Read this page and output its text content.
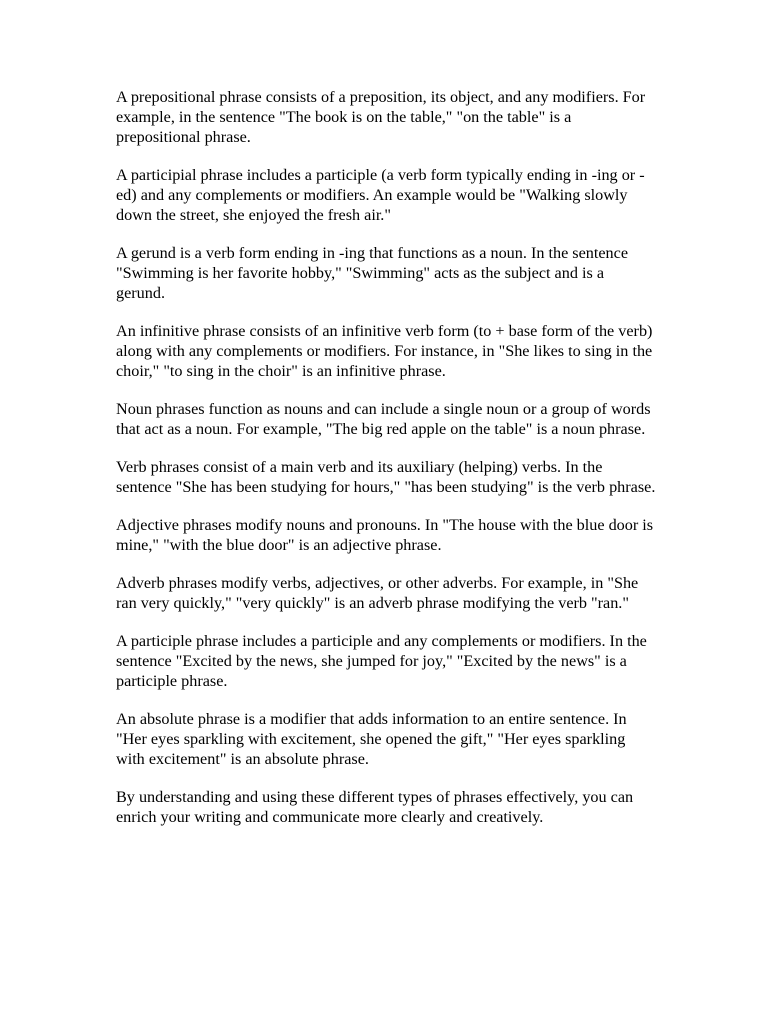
A prepositional phrase consists of a preposition, its object, and any modifiers. For example, in the sentence "The book is on the table," "on the table" is a prepositional phrase.

A participial phrase includes a participle (a verb form typically ending in -ing or -ed) and any complements or modifiers. An example would be "Walking slowly down the street, she enjoyed the fresh air."

A gerund is a verb form ending in -ing that functions as a noun. In the sentence "Swimming is her favorite hobby," "Swimming" acts as the subject and is a gerund.

An infinitive phrase consists of an infinitive verb form (to + base form of the verb) along with any complements or modifiers. For instance, in "She likes to sing in the choir," "to sing in the choir" is an infinitive phrase.

Noun phrases function as nouns and can include a single noun or a group of words that act as a noun. For example, "The big red apple on the table" is a noun phrase.

Verb phrases consist of a main verb and its auxiliary (helping) verbs. In the sentence "She has been studying for hours," "has been studying" is the verb phrase.

Adjective phrases modify nouns and pronouns. In "The house with the blue door is mine," "with the blue door" is an adjective phrase.

Adverb phrases modify verbs, adjectives, or other adverbs. For example, in "She ran very quickly," "very quickly" is an adverb phrase modifying the verb "ran."

A participle phrase includes a participle and any complements or modifiers. In the sentence "Excited by the news, she jumped for joy," "Excited by the news" is a participle phrase.

An absolute phrase is a modifier that adds information to an entire sentence. In "Her eyes sparkling with excitement, she opened the gift," "Her eyes sparkling with excitement" is an absolute phrase.

By understanding and using these different types of phrases effectively, you can enrich your writing and communicate more clearly and creatively.
